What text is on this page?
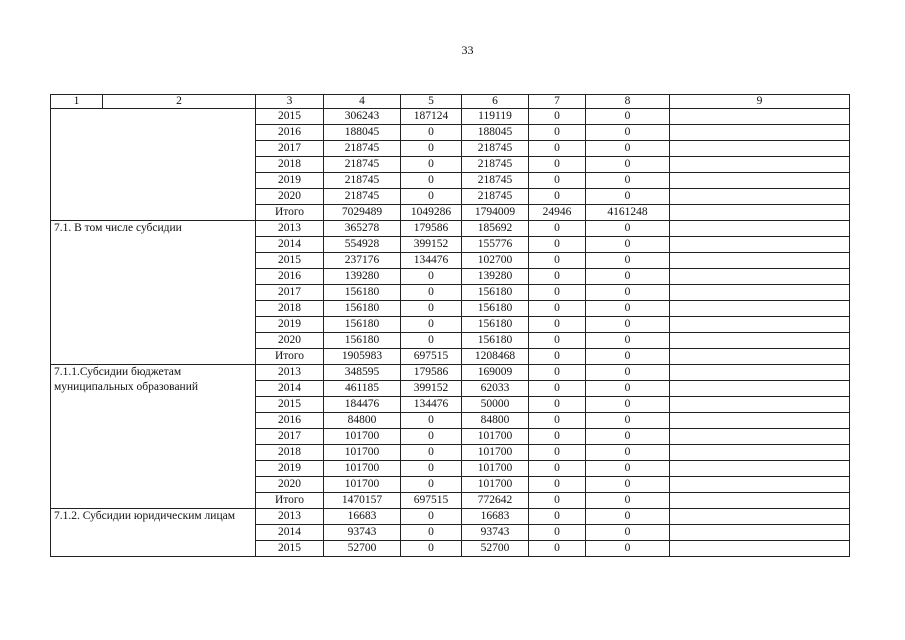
33
1	2	3	4	5	6	7	8	9
		2015	306243	187124	119119	0	0	
		2016	188045	0	188045	0	0	
		2017	218745	0	218745	0	0	
		2018	218745	0	218745	0	0	
		2019	218745	0	218745	0	0	
		2020	218745	0	218745	0	0	
		Итого	7029489	1049286	1794009	24946	4161248	
7.1. В том числе субсидии		2013	365278	179586	185692	0	0	
		2014	554928	399152	155776	0	0	
		2015	237176	134476	102700	0	0	
		2016	139280	0	139280	0	0	
		2017	156180	0	156180	0	0	
		2018	156180	0	156180	0	0	
		2019	156180	0	156180	0	0	
		2020	156180	0	156180	0	0	
		Итого	1905983	697515	1208468	0	0	
7.1.1.Субсидии бюджетам муниципальных образований		2013	348595	179586	169009	0	0	
		2014	461185	399152	62033	0	0	
		2015	184476	134476	50000	0	0	
		2016	84800	0	84800	0	0	
		2017	101700	0	101700	0	0	
		2018	101700	0	101700	0	0	
		2019	101700	0	101700	0	0	
		2020	101700	0	101700	0	0	
		Итого	1470157	697515	772642	0	0	
7.1.2. Субсидии юридическим лицам		2013	16683	0	16683	0	0	
		2014	93743	0	93743	0	0	
		2015	52700	0	52700	0	0	
